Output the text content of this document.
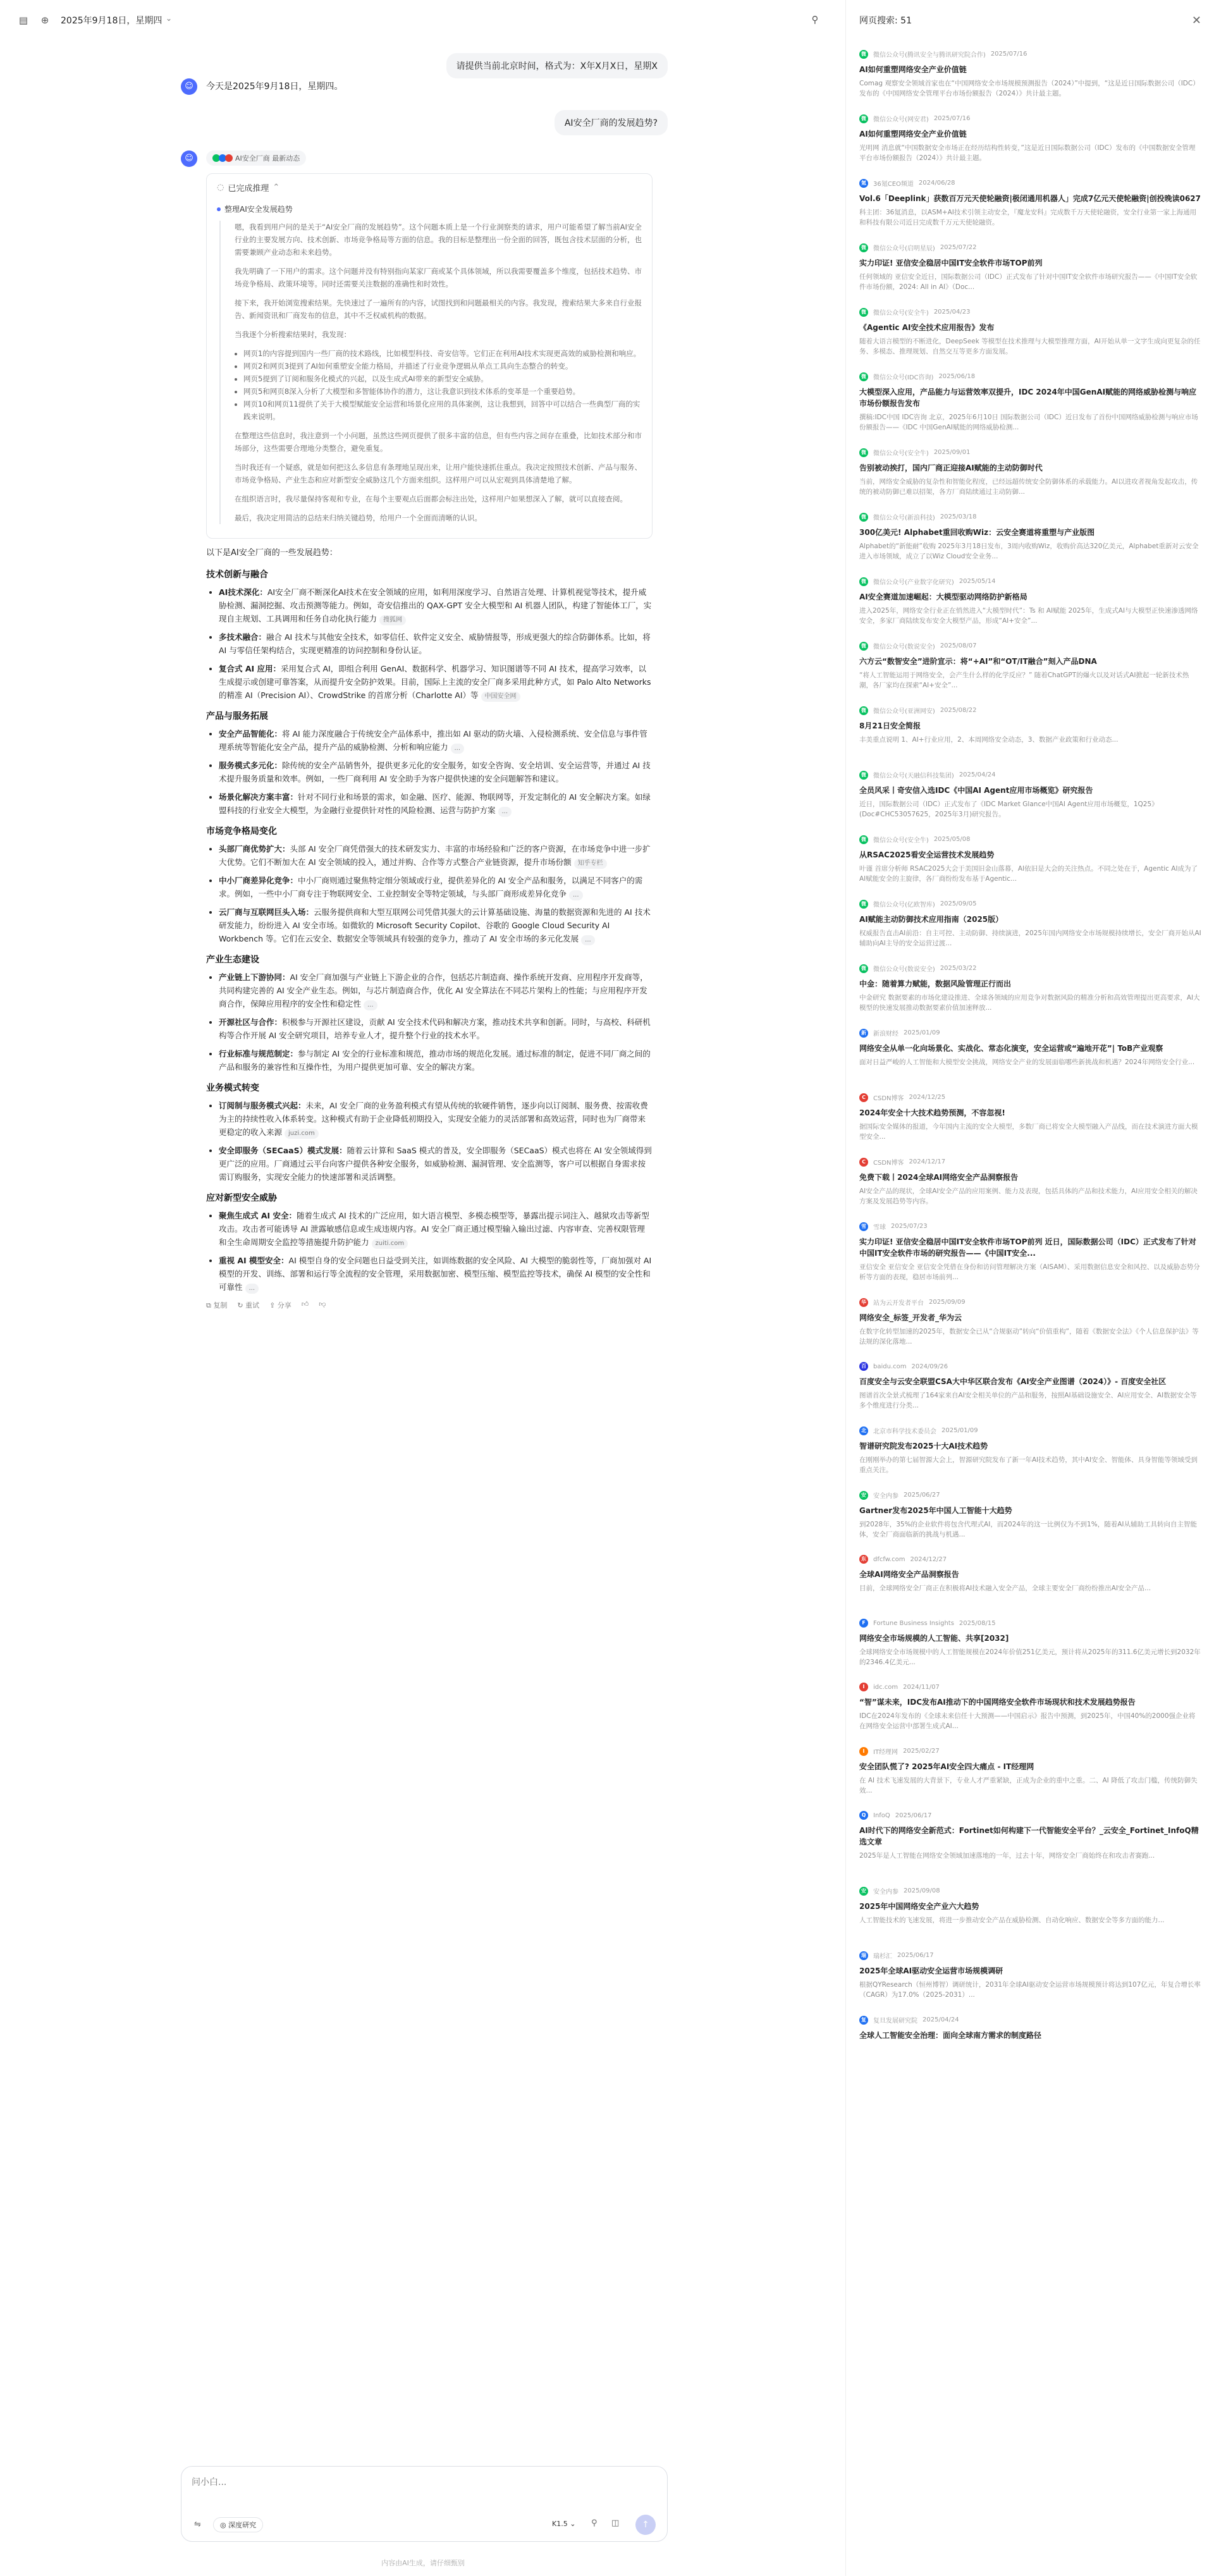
▤	⊕	2025年9月18日，星期四 ⌄	⚲
请提供当前北京时间，格式为：X年X月X日，星期X
☺	今天是2025年9月18日，星期四。
AI安全厂商的发展趋势?
☺	AI安全厂商 最新动态
◌ 已完成推理 ⌃
整理AI安全发展趋势

嗯，我看到用户问的是关于“AI安全厂商的发展趋势”。这个问题本质上是一个行业洞察类的请求，用户可能希望了解当前AI安全行业的主要发展方向、技术创新、市场竞争格局等方面的信息。我的目标是整理出一份全面的回答，既包含技术层面的分析，也需要兼顾产业动态和未来趋势。

我先明确了一下用户的需求。这个问题并没有特别指向某家厂商或某个具体领域，所以我需要覆盖多个维度，包括技术趋势、市场竞争格局、政策环境等。同时还需要关注数据的准确性和时效性。

接下来，我开始浏览搜索结果。先快速过了一遍所有的内容，试图找到和问题最相关的内容。我发现，搜索结果大多来自行业报告、新闻资讯和厂商发布的信息，其中不乏权威机构的数据。

当我逐个分析搜索结果时，我发现：

• 网页1的内容提到国内一些厂商的技术路线，比如模型科技、奇安信等。它们正在利用AI技术实现更高效的威胁检测和响应。
• 网页2和网页3提到了AI如何重塑安全能力格局，并描述了行业竞争逻辑从单点工具向生态整合的转变。
• 网页5提到了订阅和服务化模式的兴起，以及生成式AI带来的新型安全威胁。
• 网页5和网页8深入分析了大模型和多智能体协作的潜力，这让我意识到技术体系的变革是一个重要趋势。
• 网页10和网页11提供了关于大模型赋能安全运营和场景化应用的具体案例，这让我想到，回答中可以结合一些典型厂商的实践来说明。

在整理这些信息时，我注意到一个小问题，虽然这些网页提供了很多丰富的信息，但有些内容之间存在重叠，比如技术部分和市场部分，这些需要合理地分类整合，避免重复。

当时我还有一个疑惑，就是如何把这么多信息有条理地呈现出来，让用户能快速抓住重点。我决定按照技术创新、产品与服务、市场竞争格局、产业生态和应对新型安全威胁这几个方面来组织。这样用户可以从宏观到具体清楚地了解。

在组织语言时，我尽量保持客观和专业，在每个主要观点后面都会标注出处，这样用户如果想深入了解，就可以直接查阅。

最后，我决定用简洁的总结来归纳关键趋势，给用户一个全面而清晰的认识。

以下是AI安全厂商的一些发展趋势：

技术创新与融合
• AI技术深化：AI安全厂商不断深化AI技术在安全领域的应用，如利用深度学习、自然语言处理、计算机视觉等技术，提升威胁检测、漏洞挖掘、攻击预测等能力。例如，奇安信推出的 QAX-GPT 安全大模型和 AI 机器人团队，构建了智能体工厂，实现自主规划、工具调用和任务自动化执行能力 搜狐网
• 多技术融合：融合 AI 技术与其他安全技术，如零信任、软件定义安全、威胁情报等，形成更强大的综合防御体系。比如，将 AI 与零信任架构结合，实现更精准的访问控制和身份认证。
• 复合式 AI 应用：采用复合式 AI，即组合利用 GenAI、数据科学、机器学习、知识图谱等不同 AI 技术，提高学习效率，以生成提示或创建可靠答案，从而提升安全防护效果。目前，国际上主流的安全厂商多采用此种方式，如 Palo Alto Networks 的精准 AI（Precision AI）、CrowdStrike 的首席分析（Charlotte AI）等 中国安全网
产品与服务拓展
• 安全产品智能化：将 AI 能力深度融合于传统安全产品体系中，推出如 AI 驱动的防火墙、入侵检测系统、安全信息与事件管理系统等智能化安全产品，提升产品的威胁检测、分析和响应能力 ...
• 服务模式多元化：除传统的安全产品销售外，提供更多元化的安全服务，如安全咨询、安全培训、安全运营等，并通过 AI 技术提升服务质量和效率。例如，一些厂商利用 AI 安全助手为客户提供快速的安全问题解答和建议。
• 场景化解决方案丰富：针对不同行业和场景的需求，如金融、医疗、能源、物联网等，开发定制化的 AI 安全解决方案。如绿盟科技的行业安全大模型，为金融行业提供针对性的风险检测、运营与防护方案 ...
市场竞争格局变化
• 头部厂商优势扩大：头部 AI 安全厂商凭借强大的技术研发实力、丰富的市场经验和广泛的客户资源，在市场竞争中进一步扩大优势。它们不断加大在 AI 安全领域的投入，通过并购、合作等方式整合产业链资源，提升市场份额 知乎专栏
• 中小厂商差异化竞争：中小厂商则通过聚焦特定细分领域或行业，提供差异化的 AI 安全产品和服务，以满足不同客户的需求。例如，一些中小厂商专注于物联网安全、工业控制安全等特定领域，与头部厂商形成差异化竞争 ...
• 云厂商与互联网巨头入场：云服务提供商和大型互联网公司凭借其强大的云计算基础设施、海量的数据资源和先进的 AI 技术研发能力，纷纷进入 AI 安全市场。如微软的 Microsoft Security Copilot、谷歌的 Google Cloud Security AI Workbench 等。它们在云安全、数据安全等领域具有较强的竞争力，推动了 AI 安全市场的多元化发展 ...
产业生态建设
• 产业链上下游协同：AI 安全厂商加强与产业链上下游企业的合作，包括芯片制造商、操作系统开发商、应用程序开发商等，共同构建完善的 AI 安全产业生态。例如，与芯片制造商合作，优化 AI 安全算法在不同芯片架构上的性能；与应用程序开发商合作，保障应用程序的安全性和稳定性 ...
• 开源社区与合作：积极参与开源社区建设，贡献 AI 安全技术代码和解决方案，推动技术共享和创新。同时，与高校、科研机构等合作开展 AI 安全研究项目，培养专业人才，提升整个行业的技术水平。
• 行业标准与规范制定：参与制定 AI 安全的行业标准和规范，推动市场的规范化发展。通过标准的制定，促进不同厂商之间的产品和服务的兼容性和互操作性，为用户提供更加可靠、安全的解决方案。
业务模式转变
• 订阅制与服务模式兴起：未来，AI 安全厂商的业务盈利模式有望从传统的软硬件销售，逐步向以订阅制、服务费、按需收费为主的持续性收入体系转变。这种模式有助于企业降低初期投入，实现安全能力的灵活部署和高效运营，同时也为厂商带来更稳定的收入来源 juzi.com
• 安全即服务（SECaaS）模式发展：随着云计算和 SaaS 模式的普及，安全即服务（SECaaS）模式也将在 AI 安全领域得到更广泛的应用。厂商通过云平台向客户提供各种安全服务，如威胁检测、漏洞管理、安全监测等，客户可以根据自身需求按需订购服务，实现安全能力的快速部署和灵活调整。
应对新型安全威胁
• 聚焦生成式 AI 安全：随着生成式 AI 技术的广泛应用，如大语言模型、多模态模型等，暴露出提示词注入、越狱攻击等新型攻击。攻击者可能诱导 AI 泄露敏感信息或生成违规内容。AI 安全厂商正通过模型输入输出过滤、内容审查、完善权限管理和全生命周期安全监控等措施提升防护能力 zuiti.com
• 重视 AI 模型安全：AI 模型自身的安全问题也日益受到关注，如训练数据的安全风险、AI 大模型的脆弱性等，厂商加强对 AI 模型的开发、训练、部署和运行等全流程的安全管理，采用数据加密、模型压缩、模型监控等技术，确保 AI 模型的安全性和可靠性 ...
⧉ 复制 ↻ 重试 ⇪ 分享 👍︎ 👎︎
问小白...
⇋	◎ 深度研究	K1.5 ⌄ ⚲ ◫	↑
内容由AI生成，请仔细甄别
网页搜索: 51	✕
微	微信公众号(腾讯安全与腾讯研究院合作) 2025/07/16
AI如何重塑网络安全产业价值链
Comag 观察安全领域首家也在“中国网络安全市场规模预测报告（2024）”中提到，“这是近日国际数据公司（IDC）发布的《中国网络安全管理平台市场份额报告（2024）》共计最主题。
微	微信公众号(网安君) 2025/07/16
AI如何重塑网络安全产业价值链
光明网 消息就“中国数据安全市场正在经历结构性转变，”这是近日国际数据公司（IDC）发布的《中国数据安全管理平台市场份额报告（2024）》共计最主题。
氪	36氪CEO频道 2024/06/28
Vol.6「Deeplink」获数百万元天使轮融资|极闭通用机器人」完成7亿元天使轮融资|创投晚读0627
科主团：36氪消息，以ASM+AI技术引领主动安全，『魔龙安科』完成数千万天使轮融资，安全行业第一家上海通用和科技有限公司近日完成数千万元天使轮融资。
微	微信公众号(启明星辰) 2025/07/22
实力印证! 亚信安全稳居中国IT安全软件市场TOP前列
任何领域的 亚信安全近日，国际数据公司（IDC）正式发布了针对中国IT安全软件市场研究报告——《中国IT安全软件市场份额，2024: All in AI》（Doc...
微	微信公众号(安全牛) 2025/04/23
《Agentic AI安全技术应用报告》发布
随着大语言模型的不断进化，DeepSeek 等模型在技术推理与大模型推理方面，AI开始从单一文字生成向更复杂的任务、多模态、推理规划、自然交互等更多方面发展。
微	微信公众号(IDC咨询) 2025/06/18
大模型深入应用，产品能力与运营效率双提升，IDC 2024年中国GenAI赋能的网络威胁检测与响应市场份额报告发布
撰稿:IDC中国 IDC咨询 北京，2025年6月10日 国际数据公司（IDC）近日发布了首份中国网络威胁检测与响应市场份额报告——《IDC 中国GenAI赋能的网络威胁检测...
微	微信公众号(安全牛) 2025/09/01
告别被动挨打，国内厂商正迎接AI赋能的主动防御时代
当前，网络安全威胁的复杂性和智能化程度，已经远超传统安全防御体系的承载能力。AI以进攻者视角发起攻击，传统的被动防御已难以招架，各方厂商陆续通过主动防御...
微	微信公众号(新浪科技) 2025/03/18
300亿美元! Alphabet重回收购Wiz：云安全赛道将重塑与产业版图
Alphabet的“新能耐”收购 2025年3月18日发布，3周内收购Wiz，收购价高达320亿美元，Alphabet重新对云安全进入市场领域，成立了以Wiz Cloud安全业务...
微	微信公众号(产业数字化研究) 2025/05/14
AI安全赛道加速崛起：大模型驱动网络防护新格局
进入2025年，网络安全行业正在悄然进入“大模型时代”：Ts 和 AI赋能 2025年，生成式AI与大模型正快速渗透网络安全，多家厂商陆续发布安全大模型产品，形成“AI+安全”...
微	微信公众号(数说安全) 2025/08/07
六方云“数智安全”进阶宣示：将“+AI”和“OT/IT融合”刻入产品DNA
“将人工智能运用于网络安全，会产生什么样的化学反应？” 随着ChatGPT的爆火以及对话式AI掀起一轮新技术热潮，各厂家均在探索“AI+安全”...
微	微信公众号(亚洲网安) 2025/08/22
8月21日安全简报
丰美重点说明 1、AI+行业应用，2、本周网络安全动态，3、数据产业政策和行业动态...
微	微信公众号(天融信科技集团) 2025/04/24
全员风采丨奇安信入选IDC《中国AI Agent应用市场概览》研究报告
近日，国际数据公司（IDC）正式发布了《IDC Market Glance中国AI Agent应用市场概览，1Q25》(Doc#CHC53057625，2025年3月)研究报告。
微	微信公众号(安全牛) 2025/05/08
从RSAC2025看安全运营技术发展趋势
叶谨 首席分析师 RSAC2025大会于美国旧金山落幕，AI依旧是大会的关注热点。不同之处在于，Agentic AI成为了AI赋能安全的主旋律，各厂商纷纷发布基于Agentic...
微	微信公众号(亿欧智库) 2025/09/05
AI赋能主动防御技术应用指南（2025版）
权威报告直击AI前沿：自主可控、主动防御、持续演进，2025年国内网络安全市场规模持续增长，安全厂商开始从AI辅助向AI主导的安全运营过渡...
微	微信公众号(数说安全) 2025/03/22
中金：随着算力赋能，数据风险管理正行而出
中金研究 数据要素的市场化建设推进、全球各领域的应用竞争对数据风险的精准分析和高效管理提出更高要求，AI大模型的快速发展推动数据要素价值加速释放...
新	新浪财经 2025/01/09
网络安全从单一化向场景化、实战化、常态化演变，安全运营或“遍地开花”| ToB产业观察
面对日益严峻的人工智能和大模型安全挑战，网络安全产业的发展面临哪些新挑战和机遇？2024年网络安全行业...
C	CSDN博客 2024/12/25
2024年安全十大技术趋势预测，不容忽视!
据国际安全媒体的报道，今年国内主流的安全大模型，多数厂商已将安全大模型融入产品线，而在技术演进方面大模型安全...
C	CSDN博客 2024/12/17
免费下载丨2024全球AI网络安全产品洞察报告
AI安全产品的现状，全球AI安全产品的应用案例、能力及表现，包括具体的产品和技术能力，AI应用安全相关的解决方案及发展趋势等内容。
雪	雪球 2025/07/23
实力印证! 亚信安全稳居中国IT安全软件市场TOP前列 近日，国际数据公司（IDC）正式发布了针对中国IT安全软件市场的研究报告——《中国IT安全...
亚信安全 亚信安全 亚信安全凭借在身份和访问管理解决方案（AISAM）、采用数据信息安全和风控、以及威胁态势分析等方面的表现，稳居市场前列...
华	站为云开发者平台 2025/09/09
网络安全_标签_开发者_华为云
在数字化转型加速的2025年，数据安全已从“合规驱动”转向“价值重构”，随着《数据安全法》《个人信息保护法》等法规的深化落地...
百	baidu.com 2024/09/26
百度安全与云安全联盟CSA大中华区联合发布《AI安全产业图谱（2024）》- 百度安全社区
图谱首次全景式梳理了164家来自AI安全相关单位的产品和服务，按照AI基础设施安全、AI应用安全、AI数据安全等多个维度进行分类...
北	北京市科学技术委员会 2025/01/09
智谱研究院发布2025十大AI技术趋势
在刚刚举办的第七届智源大会上，智源研究院发布了新一年AI技术趋势，其中AI安全、智能体、具身智能等领域受到重点关注。
安	安全内参 2025/06/27
Gartner发布2025年中国人工智能十大趋势
到2028年，35%的企业软件将包含代理式AI，而2024年的这一比例仅为不到1%，随着AI从辅助工具转向自主智能体，安全厂商面临新的挑战与机遇...
东	dfcfw.com 2024/12/27
全球AI网络安全产品洞察报告
目前，全球网络安全厂商正在积极将AI技术融入安全产品，全球主要安全厂商纷纷推出AI安全产品...
F	Fortune Business Insights 2025/08/15
网络安全市场规模的人工智能、共享[2032]
全球网络安全市场规模中的人工智能规模在2024年价值251亿美元，预计将从2025年的311.6亿美元增长到2032年的2346.4亿美元...
I	idc.com 2024/11/07
“智”谋未来，IDC发布AI推动下的中国网络安全软件市场现状和技术发展趋势报告
IDC在2024年发布的《全球未来信任十大预测——中国启示》报告中预测，到2025年，中国40%的2000强企业将在网络安全运营中部署生成式AI...
I	IT经理网 2025/02/27
安全团队慌了? 2025年AI安全四大痛点 - IT经理网
在 AI 技术飞速发展的大背景下，专业人才严重紧缺，正成为企业的重中之重。二、AI 降低了攻击门槛，传统防御失效...
Q	InfoQ 2025/06/17
AI时代下的网络安全新范式：Fortinet如何构建下一代智能安全平台？_云安全_Fortinet_InfoQ精选文章
2025年是人工智能在网络安全领域加速落地的一年，过去十年，网络安全厂商始终在和攻击者赛跑...
安	安全内参 2025/09/08
2025年中国网络安全产业六大趋势
人工智能技术的飞速发展，将进一步推动安全产品在威胁检测、自动化响应、数据安全等多方面的能力...
瑞	瑞杉汇 2025/06/17
2025年全球AI驱动安全运营市场规模调研
根据QYResearch（恒州博智）调研统计，2031年全球AI驱动安全运营市场规模预计将达到107亿元，年复合增长率（CAGR）为17.0%（2025-2031）...
复	复旦发展研究院 2025/04/24
全球人工智能安全治理：面向全球南方需求的制度路径
